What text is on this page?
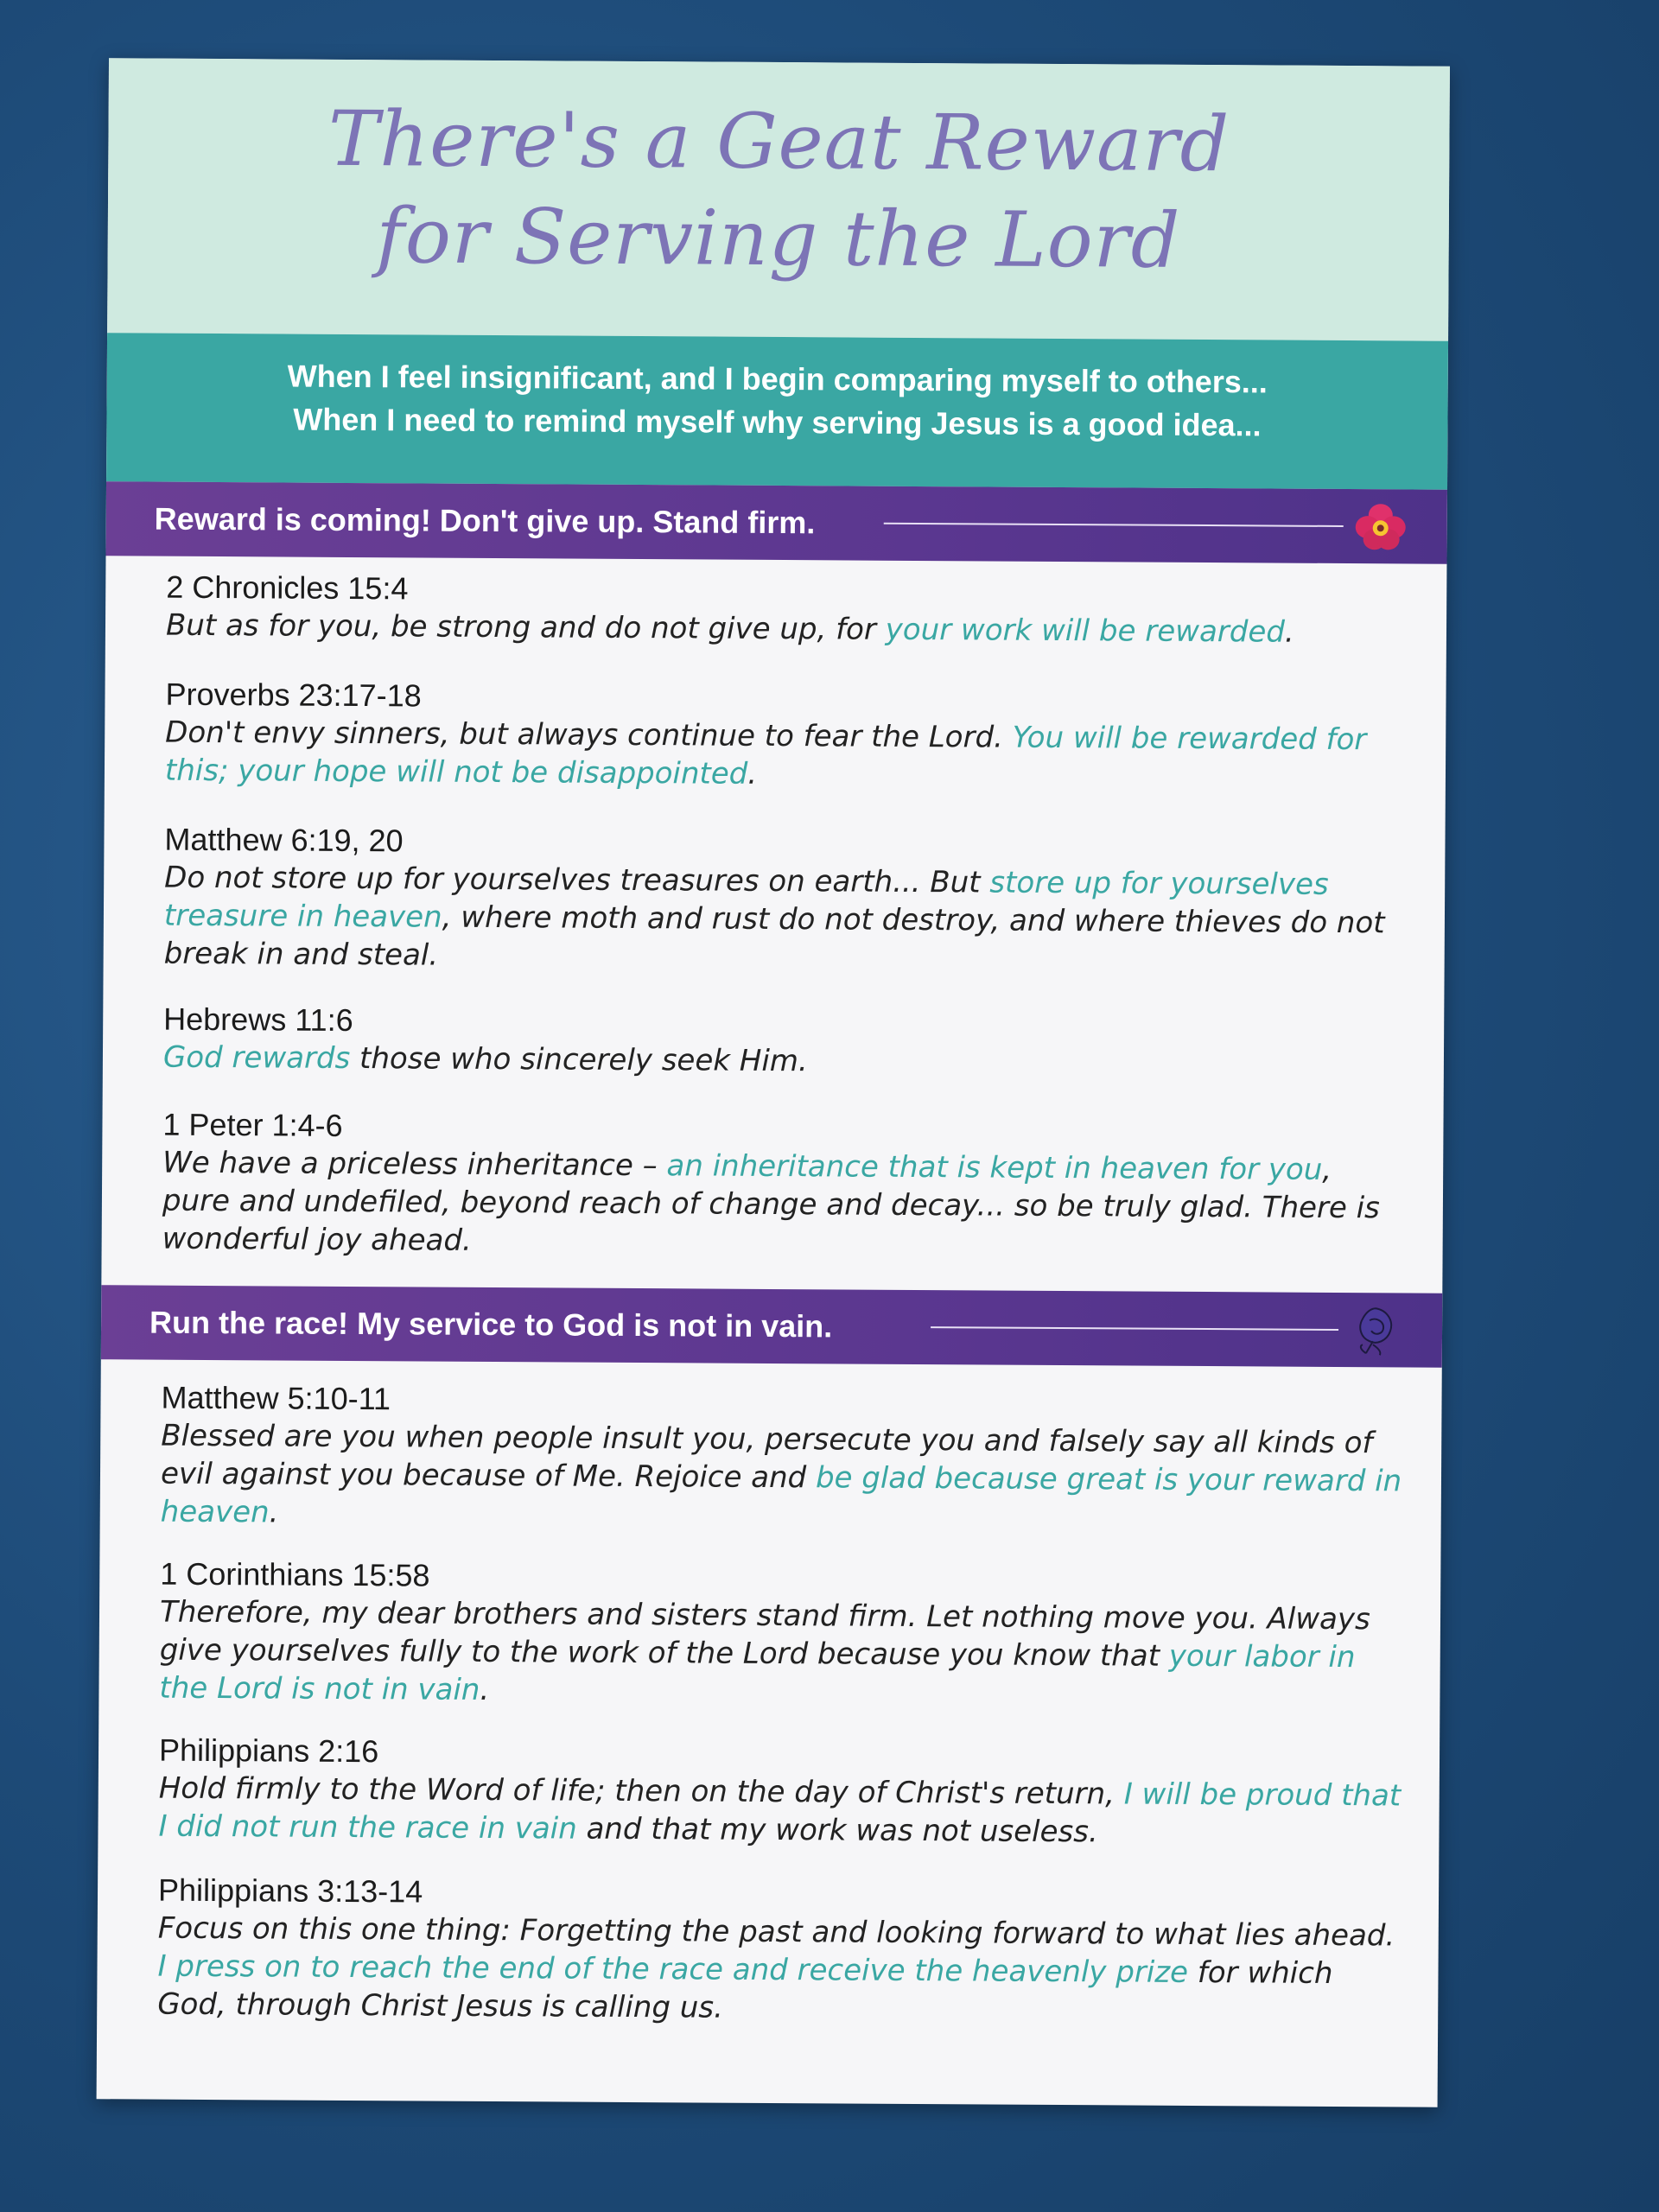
There's a Geat Reward
for Serving the Lord
When I feel insignificant, and I begin comparing myself to others...
When I need to remind myself why serving Jesus is a good idea...
Reward is coming! Don't give up. Stand firm.
2 Chronicles 15:4
But as for you, be strong and do not give up, for your work will be rewarded.
Proverbs 23:17-18
Don't envy sinners, but always continue to fear the Lord. You will be rewarded for this; your hope will not be disappointed.
Matthew 6:19, 20
Do not store up for yourselves treasures on earth... But store up for yourselves treasure in heaven, where moth and rust do not destroy, and where thieves do not break in and steal.
Hebrews 11:6
God rewards those who sincerely seek Him.
1 Peter 1:4-6
We have a priceless inheritance – an inheritance that is kept in heaven for you, pure and undefiled, beyond reach of change and decay... so be truly glad. There is wonderful joy ahead.
Run the race! My service to God is not in vain.
Matthew 5:10-11
Blessed are you when people insult you, persecute you and falsely say all kinds of evil against you because of Me. Rejoice and be glad because great is your reward in heaven.
1 Corinthians 15:58
Therefore, my dear brothers and sisters stand firm. Let nothing move you. Always give yourselves fully to the work of the Lord because you know that your labor in the Lord is not in vain.
Philippians 2:16
Hold firmly to the Word of life; then on the day of Christ's return, I will be proud that I did not run the race in vain and that my work was not useless.
Philippians 3:13-14
Focus on this one thing: Forgetting the past and looking forward to what lies ahead. I press on to reach the end of the race and receive the heavenly prize for which God, through Christ Jesus is calling us.
